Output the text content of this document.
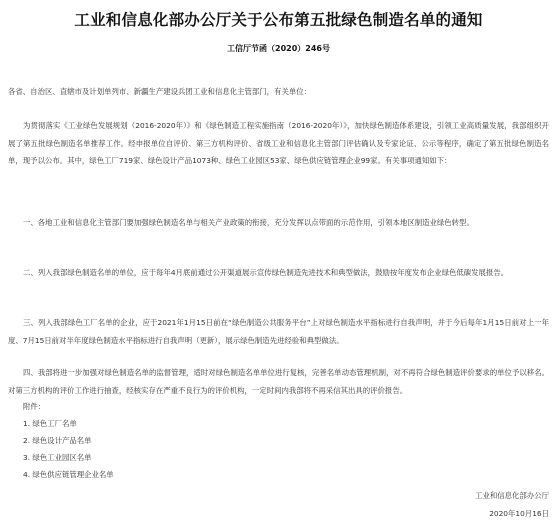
工业和信息化部办公厅关于公布第五批绿色制造名单的通知
工信厅节函（2020）246号
各省、自治区、直辖市及计划单列市、新疆生产建设兵团工业和信息化主管部门，有关单位：

为贯彻落实《工业绿色发展规划（2016-2020年）》和《绿色制造工程实施指南（2016-2020年）》，加快绿色制造体系建设，引领工业高质量发展，我部组织开展了第五批绿色制造名单推荐工作。经申报单位自评价、第三方机构评价、省级工业和信息化主管部门评估确认及专家论证、公示等程序，确定了第五批绿色制造名单，现予以公布。其中，绿色工厂719家、绿色设计产品1073种、绿色工业园区53家、绿色供应链管理企业99家。有关事项通知如下：

一、各地工业和信息化主管部门要加强绿色制造名单与相关产业政策的衔接，充分发挥以点带面的示范作用，引领本地区制造业绿色转型。

二、列入我部绿色制造名单的单位，应于每年4月底前通过公开渠道展示宣传绿色制造先进技术和典型做法，鼓励按年度发布企业绿色低碳发展报告。

三、列入我部绿色工厂名单的企业，应于2021年1月15日前在“绿色制造公共服务平台”上对绿色制造水平指标进行自我声明，并于今后每年1月15日前对上一年度、7月15日前对半年度绿色制造水平指标进行自我声明（更新），展示绿色制造先进经验和典型做法。

四、我部将进一步加强对绿色制造名单的监督管理，适时对绿色制造名单单位进行复核，完善名单动态管理机制，对不再符合绿色制造评价要求的单位予以移名。对第三方机构的评价工作进行抽查，经核实存在严重不良行为的评价机构，一定时间内我部将不再采信其出具的评价报告。

附件：
1. 绿色工厂名单
2. 绿色设计产品名单
3. 绿色工业园区名单
4. 绿色供应链管理企业名单
工业和信息化部办公厅
2020年10月16日
